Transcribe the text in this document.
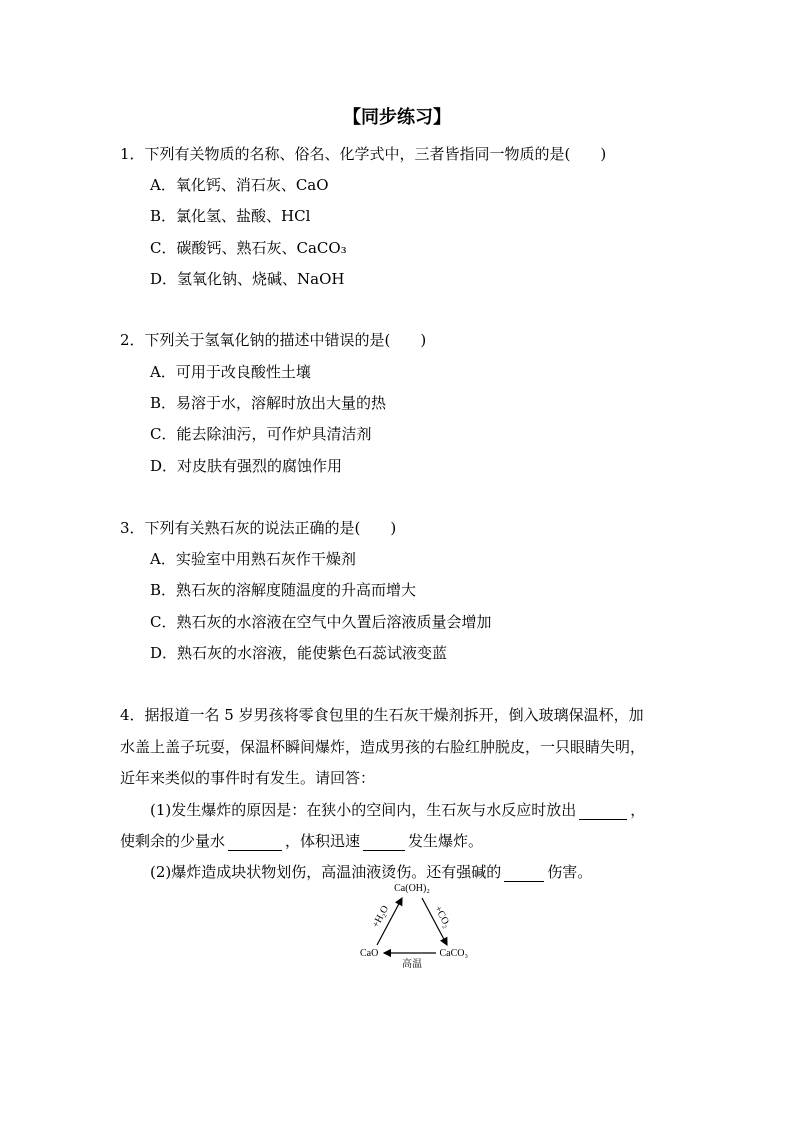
【同步练习】
1．下列有关物质的名称、俗名、化学式中，三者皆指同一物质的是(　　)
A．氧化钙、消石灰、CaO
B．氯化氢、盐酸、HCl
C．碳酸钙、熟石灰、CaCO₃
D．氢氧化钠、烧碱、NaOH
2．下列关于氢氧化钠的描述中错误的是(　　)
A．可用于改良酸性土壤
B．易溶于水，溶解时放出大量的热
C．能去除油污，可作炉具清洁剂
D．对皮肤有强烈的腐蚀作用
3．下列有关熟石灰的说法正确的是(　　)
A．实验室中用熟石灰作干燥剂
B．熟石灰的溶解度随温度的升高而增大
C．熟石灰的水溶液在空气中久置后溶液质量会增加
D．熟石灰的水溶液，能使紫色石蕊试液变蓝
4．据报道一名 5 岁男孩将零食包里的生石灰干燥剂拆开，倒入玻璃保温杯，加
水盖上盖子玩耍，保温杯瞬间爆炸，造成男孩的右脸红肿脱皮，一只眼睛失明，
近年来类似的事件时有发生。请回答：
(1)发生爆炸的原因是：在狭小的空间内，生石灰与水反应时放出	，
使剩余的少量水	，体积迅速	发生爆炸。
(2)爆炸造成块状物划伤，高温油液烫伤。还有强碱的	伤害。
Ca(OH)₂
CaO	CaCO₃
+H₂O	+CO₂
高温
